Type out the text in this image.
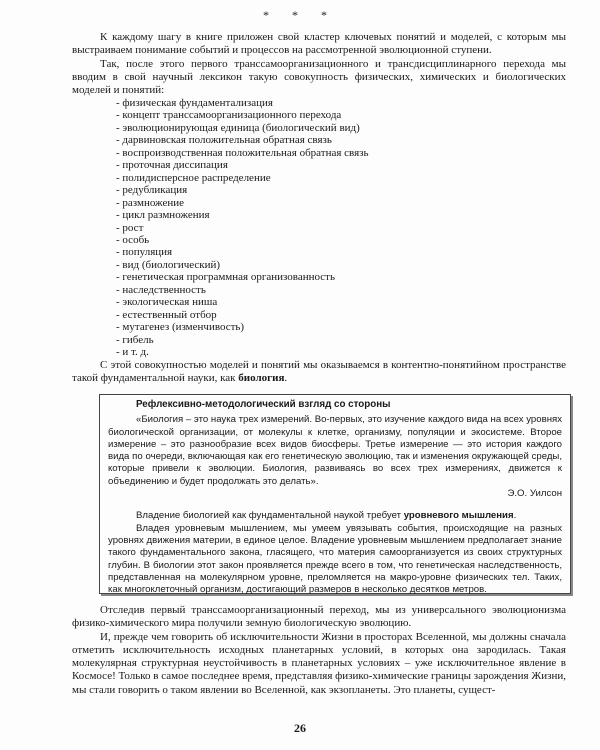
* * *

К каждому шагу в книге приложен свой кластер ключевых понятий и моделей, с которым мы выстраиваем понимание событий и процессов на рассмотренной эволюционной ступени.

Так, после этого первого трансcамоорганизационного и трансдисциплинарного перехода мы вводим в свой научный лексикон такую совокупность физических, химических и биологических моделей и понятий:

- физическая фундаментализация
- концепт трансcамоорганизационного перехода
- эволюционирующая единица (биологический вид)
- дарвиновская положительная обратная связь
- воспроизводственная положительная обратная связь
- проточная диссипация
- полидисперсное распределение
- редубликация
- размножение
- цикл размножения
- рост
- особь
- популяция
- вид (биологический)
- генетическая программная организованность
- наследственность
- экологическая ниша
- естественный отбор
- мутагенез (изменчивость)
- гибель
- и т. д.

С этой совокупностью моделей и понятий мы оказываемся в контентно-понятийном пространстве такой фундаментальной науки, как биология.

Рефлексивно-методологический взгляд со стороны

«Биология – это наука трех измерений. Во-первых, это изучение каждого вида на всех уровнях биологической организации, от молекулы к клетке, организму, популяции и экосистеме. Второе измерение – это разнообразие всех видов биосферы. Третье измерение — это история каждого вида по очереди, включающая как его генетическую эволюцию, так и изменения окружающей среды, которые привели к эволюции. Биология, развиваясь во всех трех измерениях, движется к объединению и будет продолжать это делать».

Э.О. Уилсон

Владение биологией как фундаментальной наукой требует уровневого мышления.

Владея уровневым мышлением, мы умеем увязывать события, происходящие на разных уровнях движения материи, в единое целое. Владение уровневым мышлением предполагает знание такого фундаментального закона, гласящего, что материя самоорганизуется из своих структурных глубин. В биологии этот закон проявляется прежде всего в том, что генетическая наследственность, представленная на молекулярном уровне, преломляется на макро-уровне физических тел. Таких, как многоклеточный организм, достигающий размеров в несколько десятков метров.

Отследив первый трансcамоорганизационный переход, мы из универсального эволюционизма физико-химического мира получили земную биологическую эволюцию.

И, прежде чем говорить об исключительности Жизни в просторах Вселенной, мы должны сначала отметить исключительность исходных планетарных условий, в которых она зародилась. Такая молекулярная структурная неустойчивость в планетарных условиях – уже исключительное явление в Космосе! Только в самое последнее время, представляя физико-химические границы зарождения Жизни, мы стали говорить о таком явлении во Вселенной, как экзопланеты. Это планеты, сущест-

26
